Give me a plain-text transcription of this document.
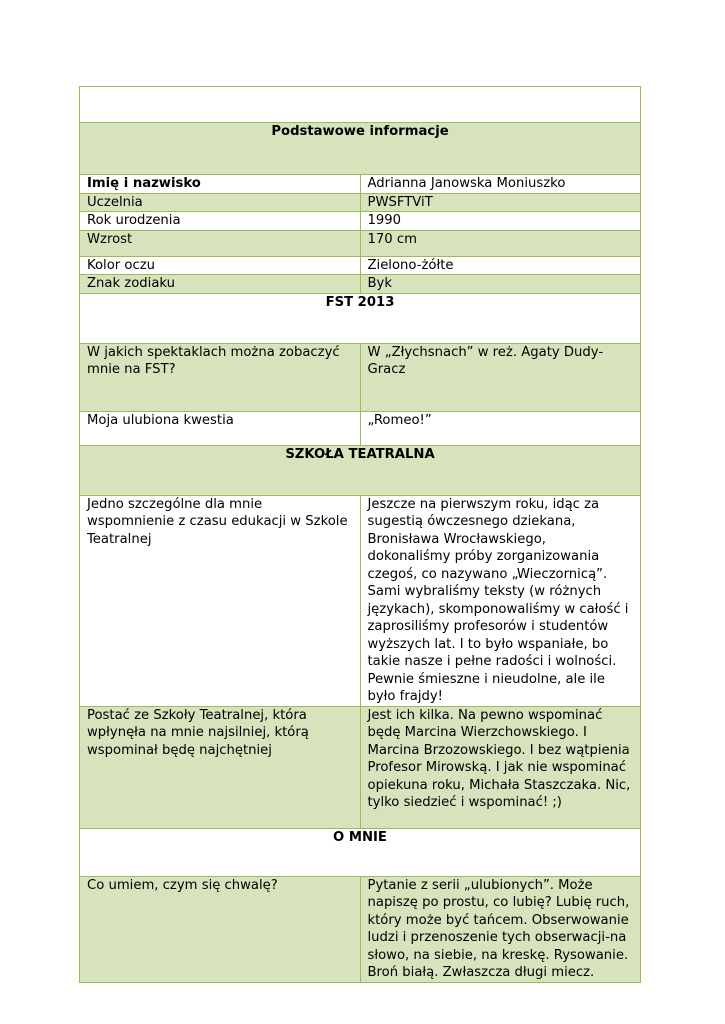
Podstawowe informacje	
Imię i nazwisko	Adrianna Janowska Moniuszko
Uczelnia	PWSFTViT
Rok urodzenia	1990
Wzrost	170 cm
Kolor oczu	Zielono-żółte
Znak zodiaku	Byk
FST 2013	
W jakich spektaklach można zobaczyć mnie na FST?	W „Złychsnach” w reż. Agaty Dudy-Gracz
Moja ulubiona kwestia	„Romeo!”
SZKOŁA TEATRALNA	
Jedno szczególne dla mnie wspomnienie z czasu edukacji w Szkole Teatralnej	Jeszcze na pierwszym roku, idąc za sugestią ówczesnego dziekana, Bronisława Wrocławskiego, dokonaliśmy próby zorganizowania czegoś, co nazywano „Wieczornicą”. Sami wybraliśmy teksty (w różnych językach), skomponowaliśmy w całość i zaprosiliśmy profesorów i studentów wyższych lat. I to było wspaniałe, bo takie nasze i pełne radości i wolności. Pewnie śmieszne i nieudolne, ale ile było frajdy!
Postać ze Szkoły Teatralnej, która wpłynęła na mnie najsilniej, którą wspominał będę najchętniej	Jest ich kilka. Na pewno wspominać będę Marcina Wierzchowskiego. I Marcina Brzozowskiego. I bez wątpienia Profesor Mirowską. I jak nie wspominać opiekuna roku, Michała Staszczaka. Nic, tylko siedzieć i wspominać! ;)
O MNIE	
Co umiem, czym się chwalę?	Pytanie z serii „ulubionych”. Może napiszę po prostu, co lubię? Lubię ruch, który może być tańcem. Obserwowanie ludzi i przenoszenie tych obserwacji-na słowo, na siebie, na kreskę. Rysowanie. Broń białą. Zwłaszcza długi miecz.
